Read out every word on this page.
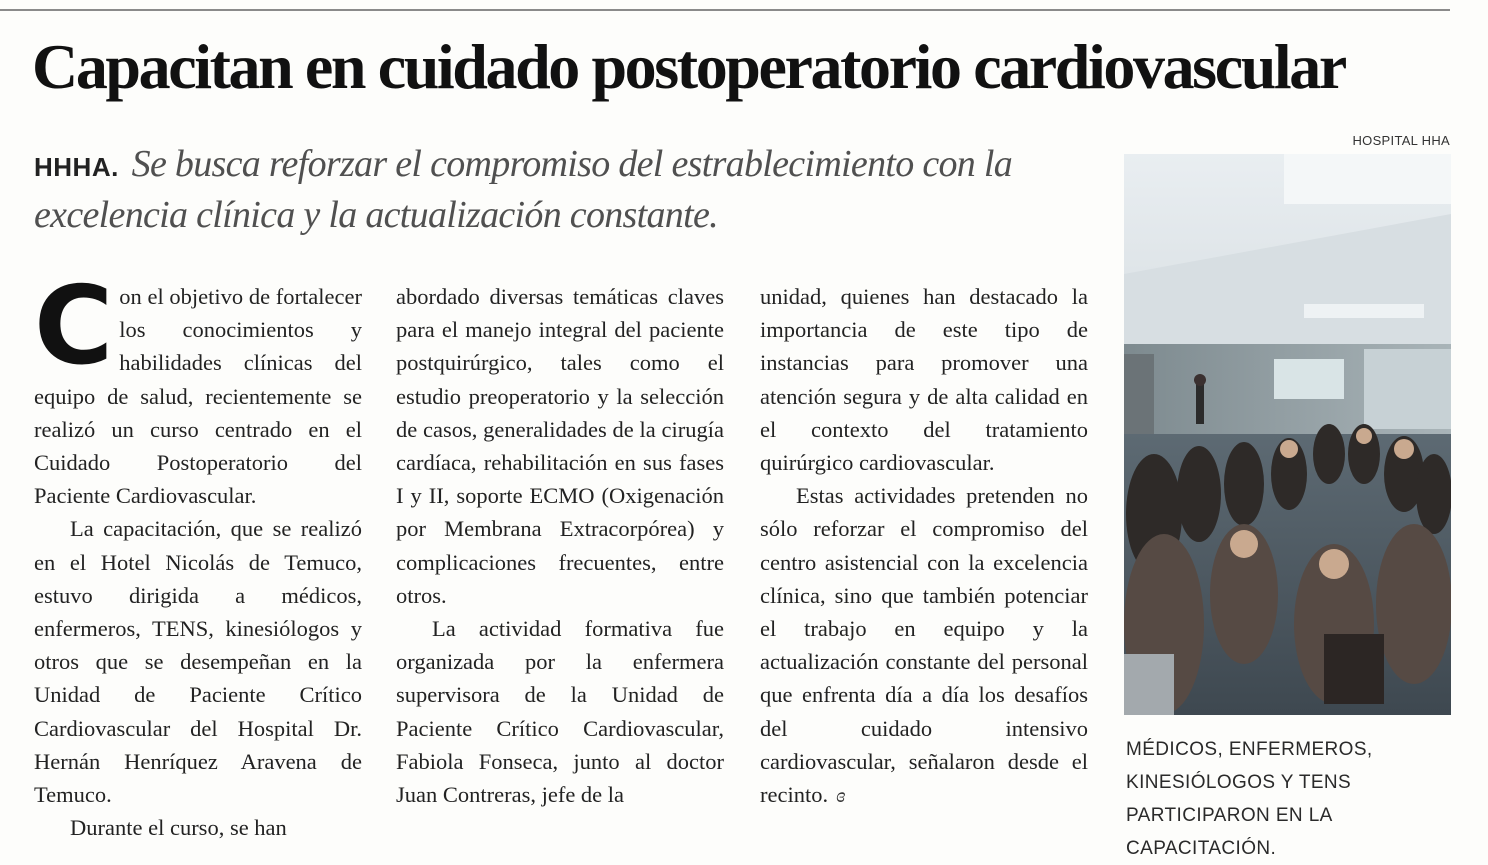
Capacitan en cuidado postoperatorio cardiovascular
HHHA. Se busca reforzar el compromiso del estrablecimiento con la excelencia clínica y la actualización constante.

Con el objetivo de fortalecer los conocimientos y habilidades clínicas del equipo de salud, recientemente se realizó un curso centrado en el Cuidado Postoperatorio del Paciente Cardiovascular.

La capacitación, que se realizó en el Hotel Nicolás de Temuco, estuvo dirigida a médicos, enfermeros, TENS, kinesiólogos y otros que se desempeñan en la Unidad de Paciente Crítico Cardiovascular del Hospital Dr. Hernán Henríquez Aravena de Temuco.

Durante el curso, se han

abordado diversas temáticas claves para el manejo integral del paciente postquirúrgico, tales como el estudio preoperatorio y la selección de casos, generalidades de la cirugía cardíaca, rehabilitación en sus fases I y II, soporte ECMO (Oxigenación por Membrana Extracorpórea) y complicaciones frecuentes, entre otros.

La actividad formativa fue organizada por la enfermera supervisora de la Unidad de Paciente Crítico Cardiovascular, Fabiola Fonseca, junto al doctor Juan Contreras, jefe de la

unidad, quienes han destacado la importancia de este tipo de instancias para promover una atención segura y de alta calidad en el contexto del tratamiento quirúrgico cardiovascular.

Estas actividades pretenden no sólo reforzar el compromiso del centro asistencial con la excelencia clínica, sino que también potenciar el trabajo en equipo y la actualización constante del personal que enfrenta día a día los desafíos del cuidado intensivo cardiovascular, señalaron desde el recinto. ɞ

HOSPITAL HHA
MÉDICOS, ENFERMEROS, KINESIÓLOGOS Y TENS PARTICIPARON EN LA CAPACITACIÓN.
